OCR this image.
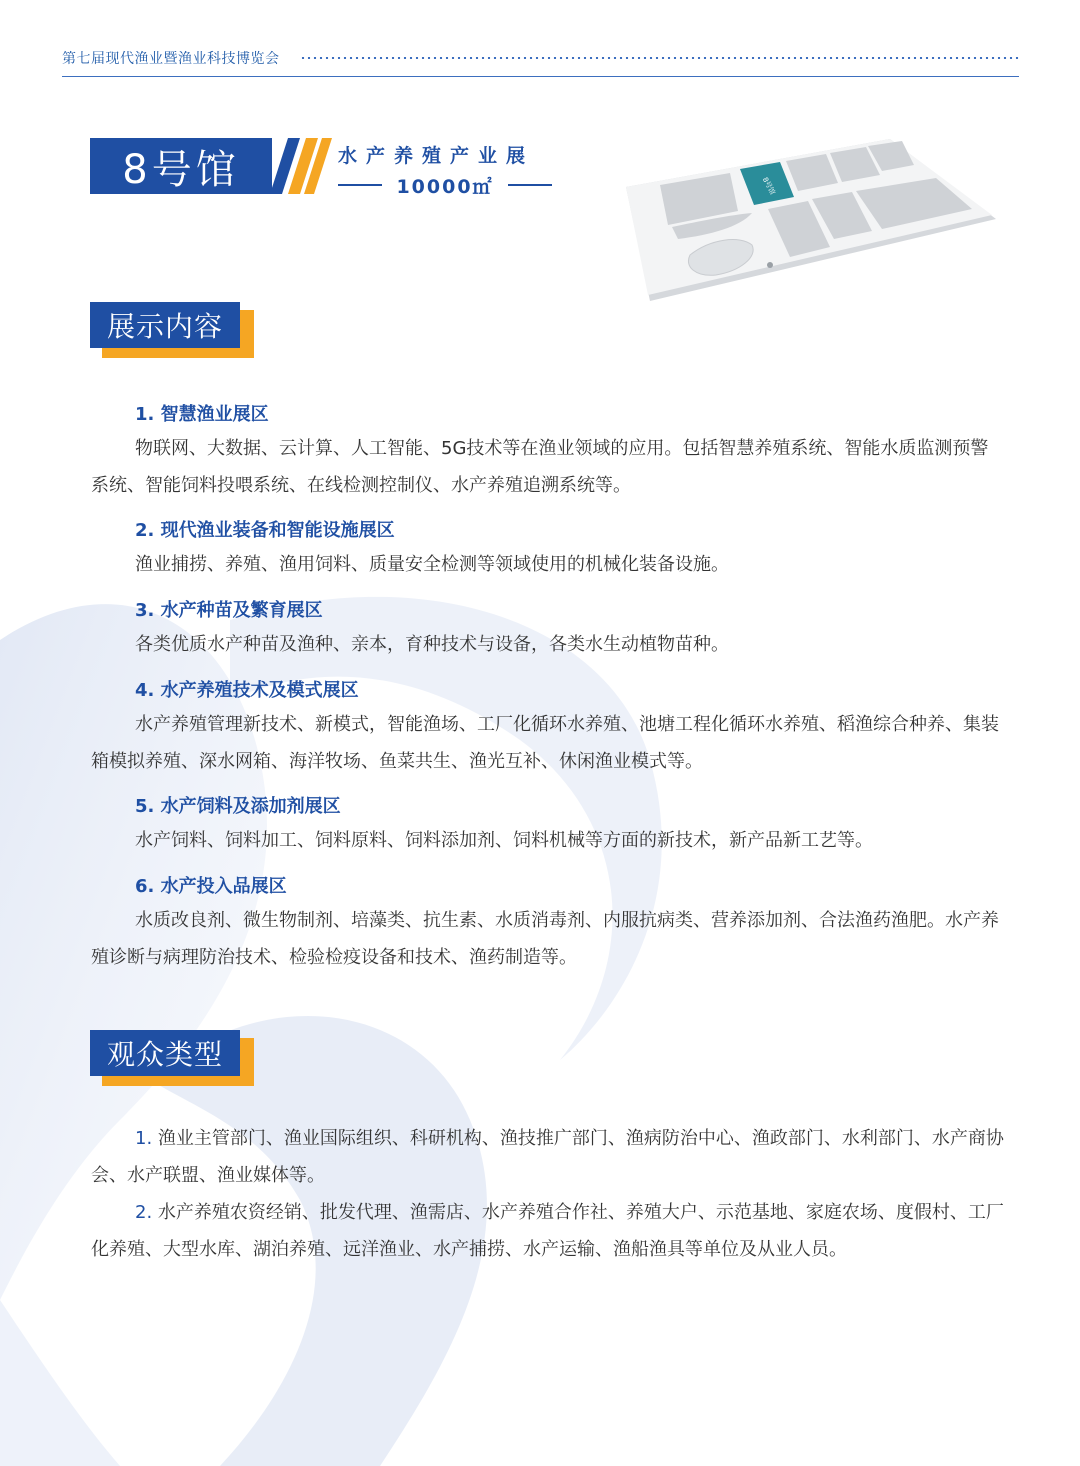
第七届现代渔业暨渔业科技博览会
8号馆	水产养殖产业展
10000㎡	8号馆
展示内容
1. 智慧渔业展区
物联网、大数据、云计算、人工智能、5G技术等在渔业领域的应用。包括智慧养殖系统、智能水质监测预警系统、智能饲料投喂系统、在线检测控制仪、水产养殖追溯系统等。
2. 现代渔业装备和智能设施展区
渔业捕捞、养殖、渔用饲料、质量安全检测等领域使用的机械化装备设施。
3. 水产种苗及繁育展区
各类优质水产种苗及渔种、亲本，育种技术与设备，各类水生动植物苗种。
4. 水产养殖技术及模式展区
水产养殖管理新技术、新模式，智能渔场、工厂化循环水养殖、池塘工程化循环水养殖、稻渔综合种养、集装箱模拟养殖、深水网箱、海洋牧场、鱼菜共生、渔光互补、休闲渔业模式等。
5. 水产饲料及添加剂展区
水产饲料、饲料加工、饲料原料、饲料添加剂、饲料机械等方面的新技术，新产品新工艺等。
6. 水产投入品展区
水质改良剂、微生物制剂、培藻类、抗生素、水质消毒剂、内服抗病类、营养添加剂、合法渔药渔肥。水产养殖诊断与病理防治技术、检验检疫设备和技术、渔药制造等。
观众类型
1. 渔业主管部门、渔业国际组织、科研机构、渔技推广部门、渔病防治中心、渔政部门、水利部门、水产商协会、水产联盟、渔业媒体等。
2. 水产养殖农资经销、批发代理、渔需店、水产养殖合作社、养殖大户、示范基地、家庭农场、度假村、工厂化养殖、大型水库、湖泊养殖、远洋渔业、水产捕捞、水产运输、渔船渔具等单位及从业人员。
